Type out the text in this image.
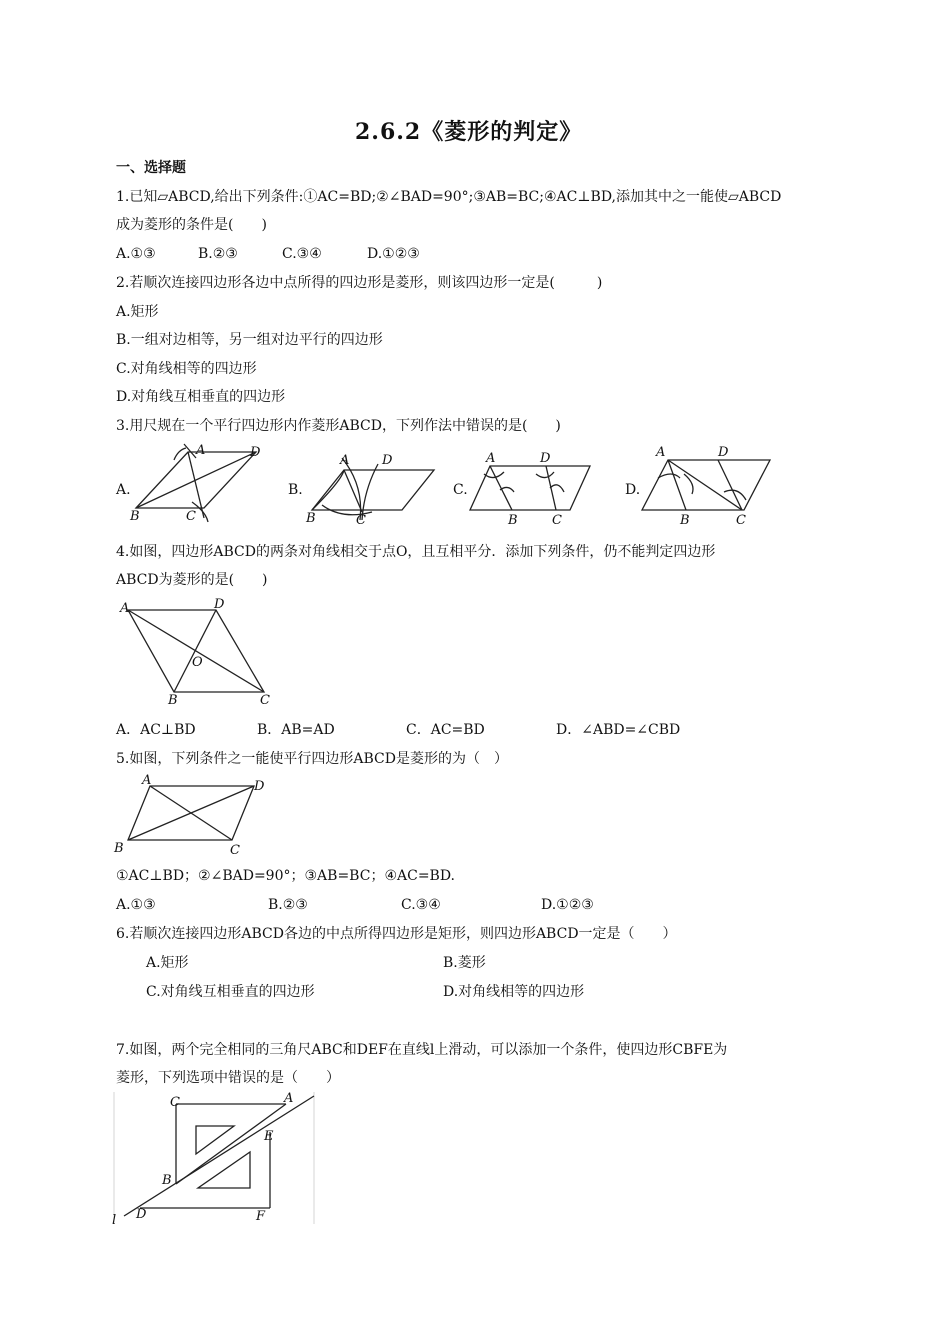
2.6.2《菱形的判定》
一、选择题
1.已知▱ABCD,给出下列条件:①AC=BD;②∠BAD=90°;③AB=BC;④AC⊥BD,添加其中之一能使▱ABCD
成为菱形的条件是(　　)
A.①③	B.②③	C.③④	D.①②③
2.若顺次连接四边形各边中点所得的四边形是菱形，则该四边形一定是(　　　)
A.矩形
B.一组对边相等，另一组对边平行的四边形
C.对角线相等的四边形
D.对角线互相垂直的四边形
3.用尺规在一个平行四边形内作菱形ABCD，下列作法中错误的是(　　)
A.	B.	C.	D.
A	D
B	C
A	D
B	C
A	D
B	C
A	D
B	C
4.如图，四边形ABCD的两条对角线相交于点O，且互相平分．添加下列条件，仍不能判定四边形
ABCD为菱形的是(　　)
A	D
O
B	C
A．AC⊥BD	B．AB=AD	C．AC=BD	D．∠ABD=∠CBD
5.如图，下列条件之一能使平行四边形ABCD是菱形的为（　）
A	D
B	C
①AC⊥BD；②∠BAD=90°；③AB=BC；④AC=BD.
A.①③	B.②③	C.③④	D.①②③
6.若顺次连接四边形ABCD各边的中点所得四边形是矩形，则四边形ABCD一定是（　　）
A.矩形	B.菱形
C.对角线互相垂直的四边形	D.对角线相等的四边形
7.如图，两个完全相同的三角尺ABC和DEF在直线l上滑动，可以添加一个条件，使四边形CBFE为
菱形，下列选项中错误的是（　　）
C	A
E
B
D	F
l
